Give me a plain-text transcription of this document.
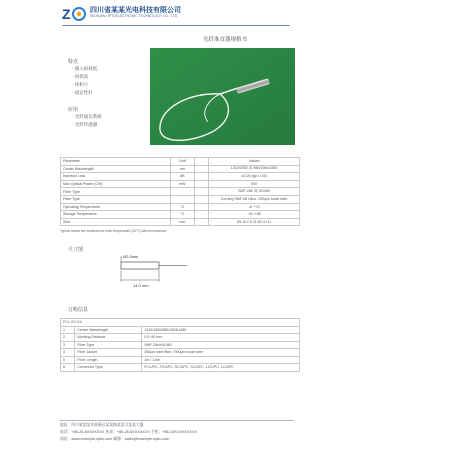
Z	四川省某某光电科技有限公司
SICHUAN OPTOELECTRONIC TECHNOLOGY CO., LTD
光纤准直器规格书
特点
· 插入损耗低
· 回损高
· 体积小
· 稳定性好
应用
· 光纤通信系统
· 光纤传感器
Parameter	Unit		Values
Center Wavelength	nm		1310/1550 或 980/1064/1550
Insertion Loss	dB		≤0.25 (typ 0.15)
Max Optical Power (CW)	mW		500
Fiber Type			SMF-28e 或 HI1060
Fiber Type			Corning SMF-28 Ultra / 900μm loose tube
Operating Temperature	°C		-5~+70
Storage Temperature	°C		-40~+85
Size	mm		Ø1.8×7.8 或 Ø2.0×11
Typical values are measured at room temperature (23°C) without connector.
尺寸图
Ø2.0mm
14.0 mm
订购信息
FCL-XX-XX		
1	Center Wavelength	1310/1550/980/1064/1480
2	Working Distance	0.5~50 mm
3	Fiber Type	SMF-28e/HI1060
4	Fiber Jacket	250μm bare fiber / 900μm loose tube
5	Fiber Length	1m / 1.5m
6	Connector Type	FC/UPC, FC/APC, SC/UPC, SC/APC, LC/UPC, LC/APC
地址：四川省某某市高新区某某路某某号某某大厦
电话：+86-28-8XXXXXXX 传真：+86-28-8XXXXXXX 手机：+86-13XXXXXXXXX
网址：www.example-optic.com 邮箱：sales@example-optic.com
